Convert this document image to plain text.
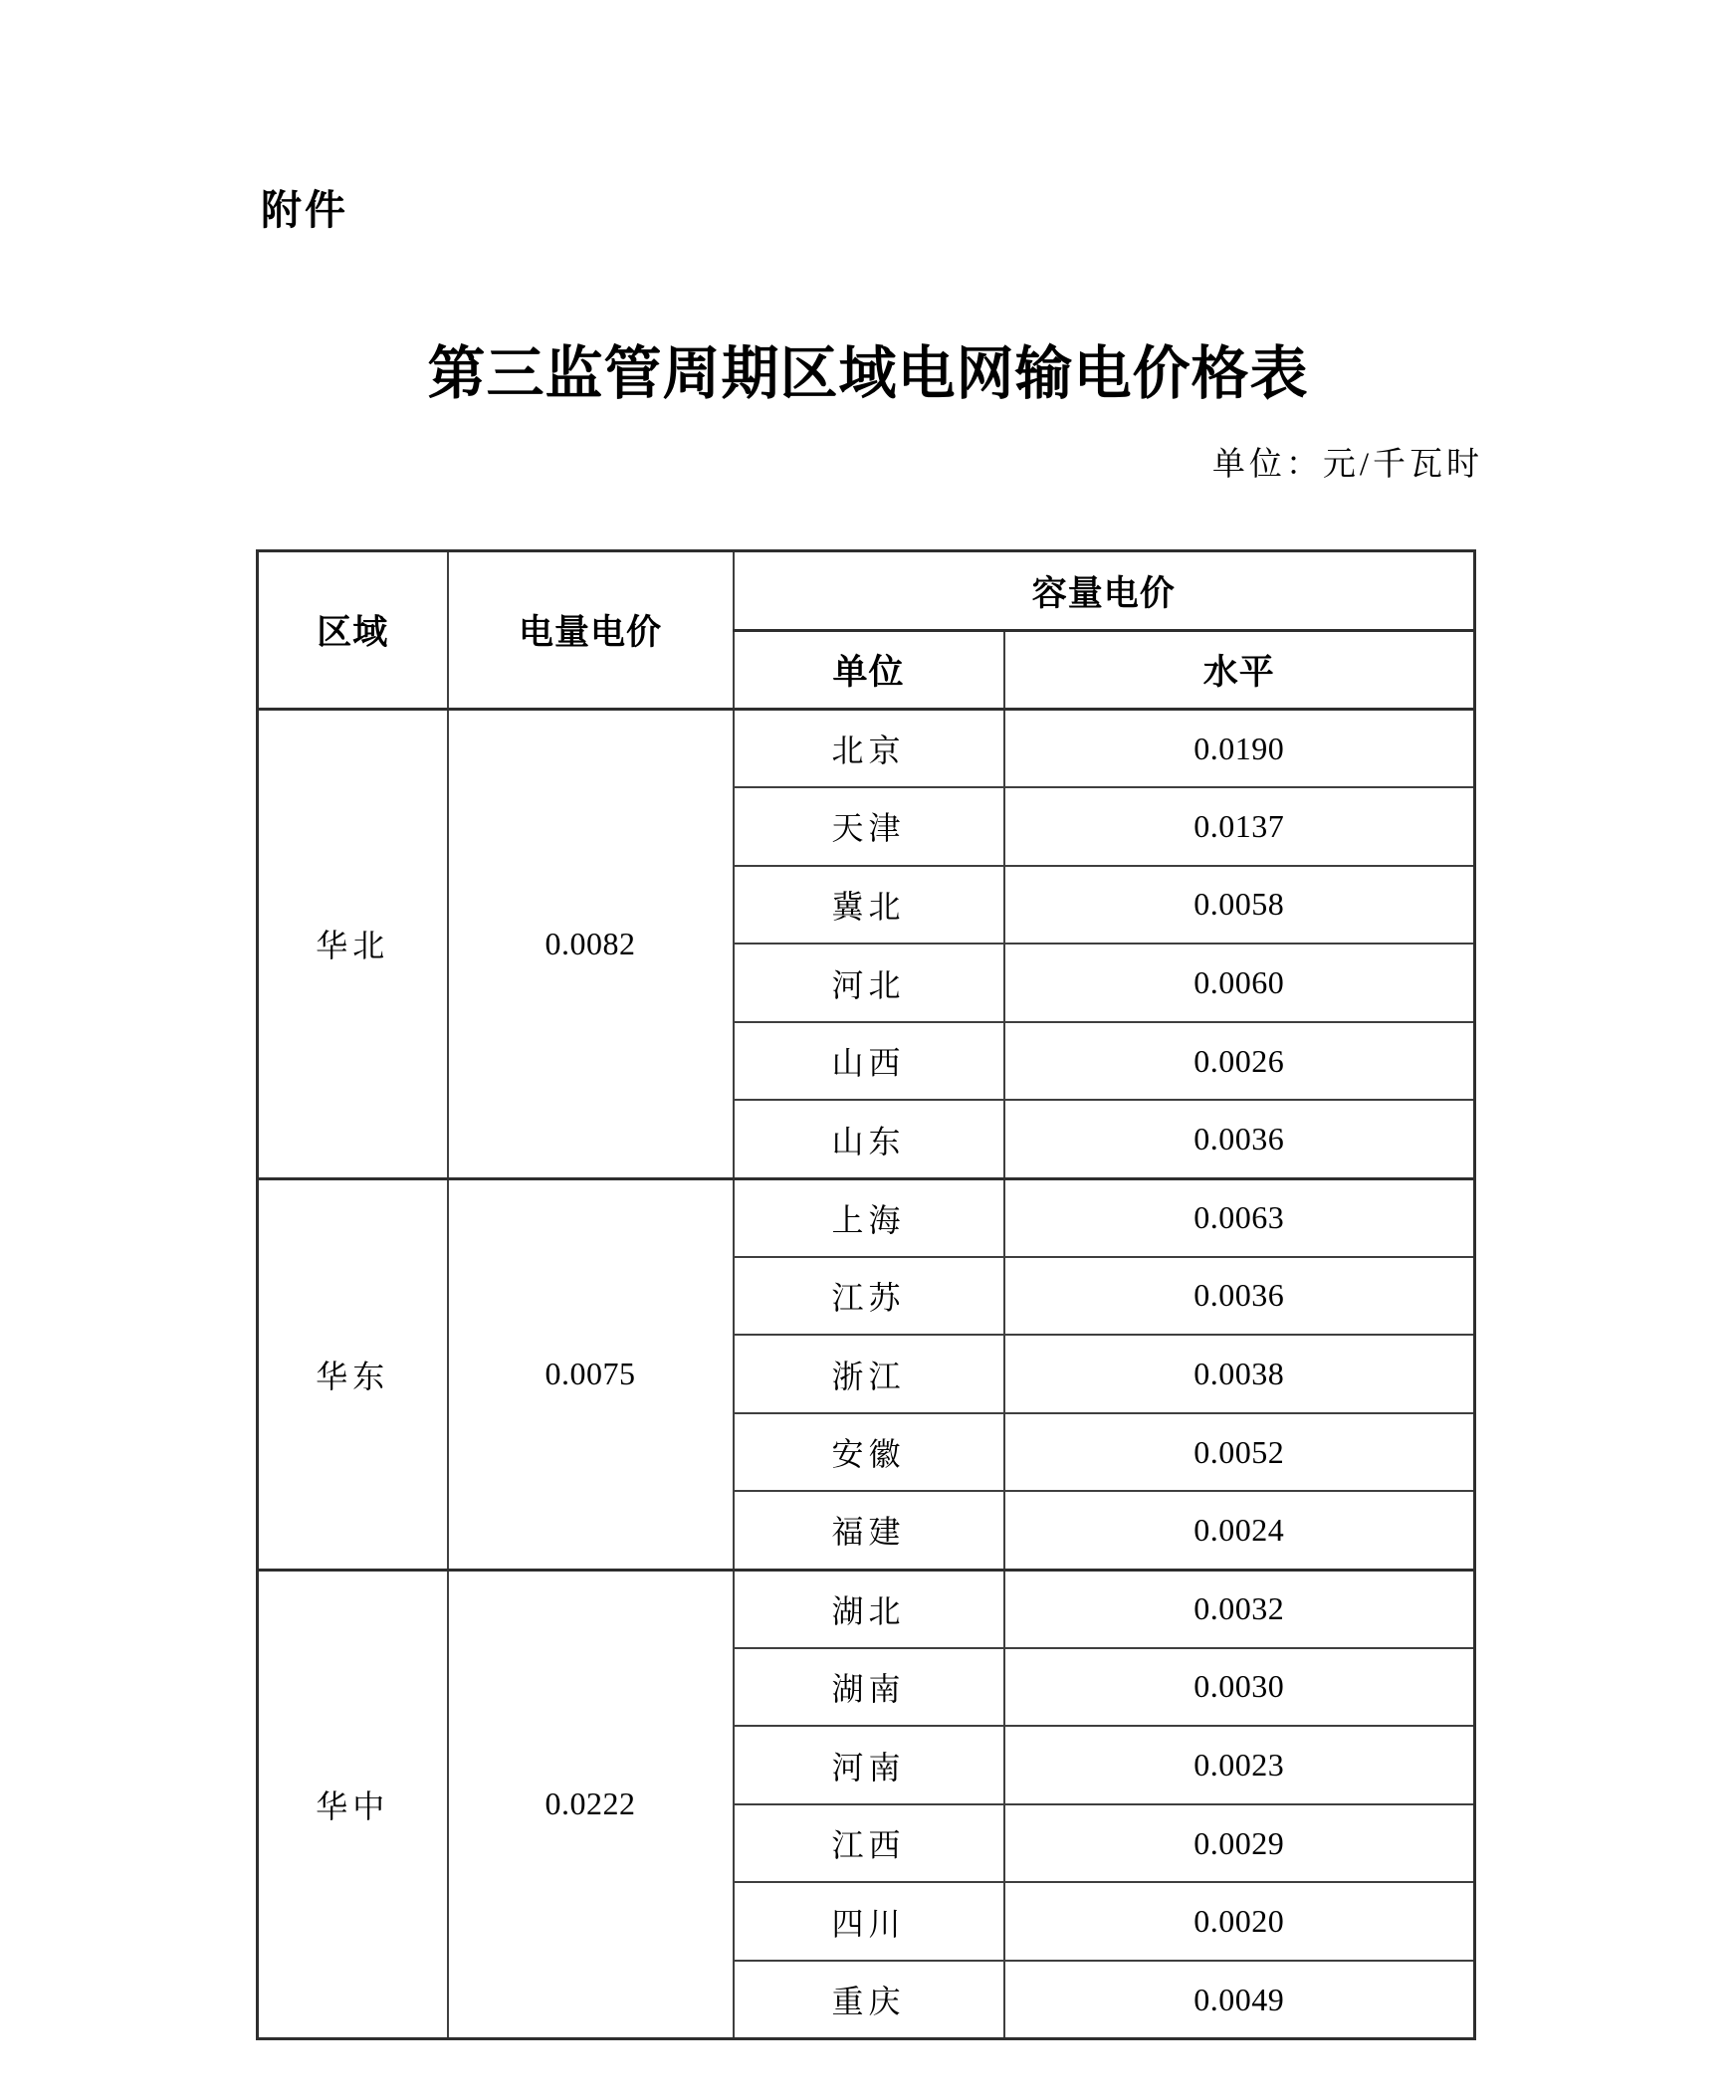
附件
第三监管周期区域电网输电价格表
单位：元/千瓦时
区域	电量电价	容量电价	
		单位	水平
华北	0.0082	北京	0.0190
		天津	0.0137
		冀北	0.0058
		河北	0.0060
		山西	0.0026
		山东	0.0036
华东	0.0075	上海	0.0063
		江苏	0.0036
		浙江	0.0038
		安徽	0.0052
		福建	0.0024
华中	0.0222	湖北	0.0032
		湖南	0.0030
		河南	0.0023
		江西	0.0029
		四川	0.0020
		重庆	0.0049
